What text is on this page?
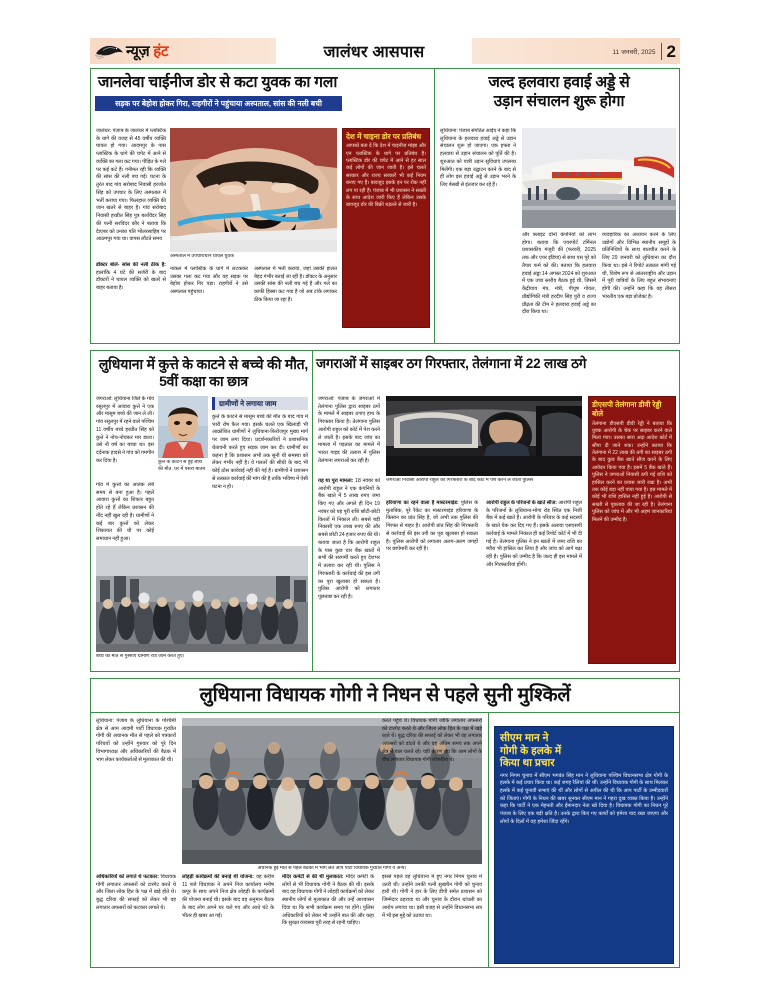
न्यूज़ हंट	जालंधर आसपास	11 जनवरी, 2025 2
जानलेवा चाईनीज डोर से कटा युवक का गला
सड़क पर बेहोश होकर गिरा, राहगीरों ने पहुंचाया अस्पताल, सांस की नली बची
जालंधर: पंजाब के जालंधर में प्लास्टिक के धागे की वजह से 45 वर्षीय व्यक्ति घायल हो गया। आदमपुर के पास प्लास्टिक के धागे की चपेट में आने से व्यक्ति का गला कट गया। पीड़ित के गले पर कई कटे हैं। गनीमत रही कि व्यक्ति की सांस की नली बच गई। घटना के तुरंत बाद गांव सरोबाद निवासी हरजोत सिंह को उपचार के लिए अस्पताल में भर्ती कराया गया। फिलहाल व्यक्ति की जान खतरे से बाहर है। गांव सरोबाद निवासी हरप्रीत सिंह पुत्र बलविंदर सिंह की पत्नी सरविंदर कौर ने बताया कि देाएबर को उनका पति भोलरसाहिब पर आठमपुर गया था। वापस लौटते समय
अस्पताल में उपचाराधीन घायल युवक
डॉक्टर बोले- सांस की नली ठीक है: हालांकि 4 घंटे की सर्जरी के बाद डॉक्टरों ने घायल व्यक्ति को खतरे से बाहर बताया है।
नाकल में प्लास्टिक के धागे में लटककर उसका गला कट गया और वह सड़क पर बेहोश होकर गिर पड़ा। राहगीरों ने उसे अस्पताल पहुंचाया।
अस्पताल में भर्ती कराया, जहां उसकी हालत बेहद गंभीर बताई जा रही है। डॉक्टर के अनुसार उसकी सांस की नली बच गई है और गले का काफी हिस्सा कट गया है जो अब टांके लगाकर ठीक किया जा रहा है।
देश में चाइना डोर पर प्रतिबंध
आपको बता दें कि देश में चाइनीज मांझा और एन प्लास्टिक के धागे पर प्रतिबंध है। प्लास्टिक डोर की चपेट में आने से हर साल कई लोगों की जान जाती है। इसे चलते सरकार और राज्य सरकारें भी कई नियम बनाए गए हैं। बावजूद इसके इन पर रोक नहीं लग पा रही है। पंजाब में भी प्रशासन ने सख्ती के साथ आदेश जारी किए हैं लेकिन उसके बावजूद डोर की बिक्री धड़ल्ले से जारी है।
जल्द हलवारा हवाई अड्डे से
उड़ान संचालन शुरू होगा
लुधियाना: पंजाब संगठित आईए ने कहा कि लुधियाना के हलवारा हवाई अड्डे से उड़ान संचालन शुरू हो जाएगा। एक हफ्ता ने हलवारा से उड़ान संचालन को पूर्ति की है। शुरुआत को यात्री उड़ान सुविधाएं उपलब्ध मिलेंगी। एक बड़ा उद्घाटन करने के बाद से ही लोग इस हवाई अड्डे से उड़ान भरने के लिए बेसब्री से इंतजार कर रहे हैं।
और फ्लाइट दोनों कंपनियों को लाभ होगा। बताया कि एयरपोर्ट टर्मिनल प्रशासकीय मंजूरी की (फरवरी, 2025 तक और एयर इंडिया) से साथ एस पूरे को तैयार फर्म को की। बताया कि हलवारा हवाई अड्डा 14 अगस्त 2024 को शुरुआत में एक उच्च स्तरीय बैठक हुई थी, जिसमें केंद्रीयाय मंत्र, मंत्री, पीयूष गोयल, प्रौद्योगिकी मंत्री हरदीप सिंह पुरी व राज्य प्रौढ़ता की टीम ने हलवारा हवाई अड्डे का दौरा किया था।
व्यवहारिक का अध्ययन करने के लिए उद्योगों और विभिन्न स्थानीय समूहों के प्रतिनिधियों के साथ बातचीत करने के लिए 29 जनवरी को लुधियाना का दौरा किया था। इसे ने रिपोर्ट तत्काल मांगी गई थी, विशेष रूप से आंतरराष्ट्रीय और उड़ान में पूरी यात्रियों के लिए बहुत संभावनाएं होंगी की। उन्होंने कहा कि यह तीसरा भारतीय एक बड़ा प्रोजेक्ट है।
लुधियाना में कुत्ते के काटने से बच्चे की मौत, 5वीं कक्षा का छात्र
जगराओं: लुधियाना जिले के गांव रसूलपुर में आवारा कुत्ते ने एक और मासूम बच्चे की जान ले ली। गांव रसूलपुर में रहने वाले पश्चिम 11 वर्षीय बच्चे हरप्रीत सिंह को कुत्ते ने नोच-नोचकर मार डाला। उसे नौ वर्ष का बच्चा था। इस दर्दनाक हादसे ने गांव को गमगीन कर दिया है।	कुत्ते के काटने से हुई बच्चे की मौत, घर में पसरा मातम
ग्रामीणों ने लगाया जाम
कुत्ते के काटने से मासूम बच्चे की मौत के बाद गांव में भारी रोष फैल गया। इसके चलते एक खिलाड़ी भी आक्रोशित ग्रामीणों ने लुधियाना-फिरोजपुर मुख्य मार्ग पर जाम लगा दिया। प्रदर्शनकारियों ने प्रशासनिक चेतावनी करते हुए सड़क जाम कर दी। ग्रामीणों का कहना है कि प्रशासन अभी तक सुनी थी समस्या को लेकर गंभीर नहीं है। वे गलतरें की सीधी के बाद भी कोई ठोस कार्रवाई नहीं की गई है। ग्रामीणों ने प्रशासन से तत्काल कार्रवाई की मांग की है ताकि भविष्य में ऐसी घटना न हो।
गांव में कुत्तों का आतंक लंबे समय से बना हुआ है। पहले आवारा कुत्तों का शिकार बहुत होते रहे हैं लेकिन प्रशासन की नींद नहीं खुल रही है। ग्रामीणों ने कई बार कुत्तों को लेकर शिकायत की थी पर कोई समाधान नहीं हुआ।
बच्चे की मौत से गुस्साए ग्रामीण रोड जाम करते हुए।
जगराओं में साइबर ठग गिरफ्तार, तेलंगाना में 22 लाख ठगे
जगराओं: पंजाब के जगराओं में तेलंगाना पुलिस द्वारा साइबर ठगों के मामले में साइबर ठगाए हाथ के गिरफ्तार किया है। तेलंगाना पुलिस आरोपी राहुल को कोर्ट में पेश करने ले जाती है। इसके बाद जांच का मामला में पड़ताल का मामले में भारत गाइड की तलाश में पुलिस तेलंगाना जगराओं कर रही है।
जगराओं निवासी आरोपी राहुल को गिरफ्तारी के बाद कोर्ट में पेश करने ले जाती पुलिस
यह था पूरा मामला: 18 नवंबर को आरोपी राहुल ने एक कंपनियों के बैंक खाते में 5 लाख रुपए जमा किए गए और अगले ही दिन 19 नवंबर को यह पूरी राशि छोटी-छोटी किश्तों में निकाल ली। सबसे बड़ी निकासी एक लाख रुपए की और सबसे छोटी 24 हजार रुपए की थी। बताया जाता है कि आरोपी राहुल के पास कुछ चार बैंक खातों में सभी की सरगर्मी करते हुए देशभर में तलाश कर रही थी। पुलिस ने गिरफ्तारी के कार्रवाई की इस उगी का पूरा खुलासा हो सकता है। पुलिस आरोपी को लगातार पूछताछ कर रही है।
हरियाणा का रहने वाला है मास्टरमाइंड: पुलिस के मुताबिक, पूरे रैकेट का मास्टरमाइंड हरियाणा के किसान का प्रांत सिंह है, जो अभी तक पुलिस की गिरफ्त से बाहर है। आरोपी प्रांत सिंह की गिरफ्तारी से कार्रवाई की इस उगी का पूरा खुलासा हो सकता है। पुलिस आरोपी को लगातार अलग-अलग जगहों पर छापेमारी कर रही है।
आरोपी राहुल के परिजनों के खाते सीज: आरोपी राहुल के परिजनों के लुधियाना-मोगा रोड स्थित एक निजी बैंक में कई खाते हैं। आरोपी के परिवार के कई सदस्यों के खाते चेक कर दिए गए हैं। इसके अलावा एसएसपी कार्रवाई के मामले निकाल ही कई रिपोर्ट कोर्ट में भी दी गई है। तेलंगाना पुलिस ने इन खातों में जमा राशि का ब्यौरा भी हासिल कर लिया है और जांच को आगे बढ़ा रही है। पुलिस को उम्मीद है कि जल्द ही इस मामले में और गिरफ्तारियां होंगी।
डीएसपी तेलंगाना डीवी रेड्डी बोले
तेलंगाना डीएसपी डीवी रेड्डी ने बताया कि युवक आरोपी के चेक पर साइबर करने वाले मिला गया। उसका सारा अदा आदेश कोर्ट में सौंपा दी जाने शक। उन्होंने बताया कि तेलंगाना में 22 लाख की ठगी का साइबर ठगी के बाद कुछ बैंक खाते सीज करने के लिए आवेदन किया गया है। इसमें 5 बैंक खाते हैं। पुलिस ने जगराओं निवासी ठगी गई राशि को हासिल करने का प्रयास जारी रखा है। अभी तक कोई बड़ा नहीं पाया गया है। इस मामले में कोई भी राशि हासिल नहीं हुई है। आरोपी से सख्ती से पूछताछ की जा रही है। तेलंगाना पुलिस को जांच में और भी अहम जानकारियां मिलने की उम्मीद है।
लुधियाना विधायक गोगी ने निधन से पहले सुनी मुश्किलें
लुधियाना: पंजाब के लुधियाना के पश्चिमी क्षेत्र से आम आदमी पार्टी विधायक गुरप्रीत गोगी की अचानक मौत से पहले को पत्रकारों परिचयों को उन्होंने गुरुवार को पूरे दिन विभागाध्यक्ष और अधिकारियों की बैठक में भाग लेकर कार्यकर्ताओं से मुलाकात की थी।
अचानक हुई मौत से पहले बैठकों में भाग लेते आप पार्टी विधायक गुरप्रीत गोगी व अन्य।
लोहड़ी कार्यक्रमों की बनाई थी योजना: वह करीब 11 बजे विधायक ने अपने निज कार्यालय मनीष कपूर के साथ अपने निज क्षेत्र लोहड़ी के कार्यक्रमों की योजना बनाई थी। इसके बाद वह अनुमान बैठक के बाद लोग अपने घर चले गए और आधे घंटे के भीतर ही खबर आ गई।
मंदिर कमेटी से की थी मुलाकात: मंदिर कमेटी के लोगों से भी विधायक गोगी ने बैठक की थी। इसके बाद वह विधायक गोगी ने लोहड़ी कार्यक्रमों को लेकर स्थानीय लोगों से मुलाकात की और उन्हें आश्वासन दिया था कि सभी कार्यक्रम समय पर होंगे। पुलिस अधिकारियों को लेकर भी उन्होंने बात की और कहा कि सुरक्षा व्यवस्था पूरी तरह से रहनी चाहिए।
इससे पहले वह लुधियाना में हुए नगर निगम चुनाव में उतरी थी। उन्होंने उनकी पत्नी सुखचैन गोगी को चुनाव हारी थी। गोगी ने हार के लिए डीपी समेत प्रशासन को जिम्मेदार ठहराया था और चुनाव के दौरान धांधली का आरोप लगाया था। इसी वजह से उन्होंने विधानसभा सत्र में भी इस मुद्दे को उठाया था।
अधिकारियों को लगाते थे फटकार: विधायक गोगी लगातार अफसरों को टारगेट करते थे और जिला लोक हित के पक्ष में खड़े होते थे। बुद्ध दरिया की सफाई को लेकर भी वह लगातार अफसरों को फटकार लगाते थे।
करते पहुंचे थे। विधायक गोगी जोकि लगातार अफसरों को टारगेट करते थे और जिला लोक हित के पक्ष में खड़े रहते थे। बुद्ध दरिया की सफाई को लेकर भी वह लगातार अफसरों को डांटते थे और वह अंतिम समय तक अपने क्षेत्र में चाल चलते रहे। यही कारण रहा कि आम लोगों के बीच लगातार विधायक गोगी लोकप्रिय थे।
सीएम मान ने
गोगी के हलके में
किया था प्रचार
नगर निगम चुनाव में सीएम भगवंत सिंह मान ने लुधियाना पश्चिम विधानसभा क्षेत्र गोगी के हलके में कई प्रचार किया था। कई जगह रैलियां की थीं। उन्होंने विधायक गोगी के साथ मिलकर हलके में कई चुनावी सभाएं की थीं और लोगों से अपील की थी कि आप पार्टी के उम्मीदवारों को जिताएं। गोगी के निधन की खबर सुनकर सीएम मान ने गहरा दुख व्यक्त किया है। उन्होंने कहा कि पार्टी ने एक मेहनती और ईमानदार नेता खो दिया है। विधायक गोगी का निधन पूरे पंजाब के लिए एक बड़ी क्षति है। उनके द्वारा किए गए कार्यों को हमेशा याद रखा जाएगा और लोगों के दिलों में वह हमेशा जिंदा रहेंगे।
